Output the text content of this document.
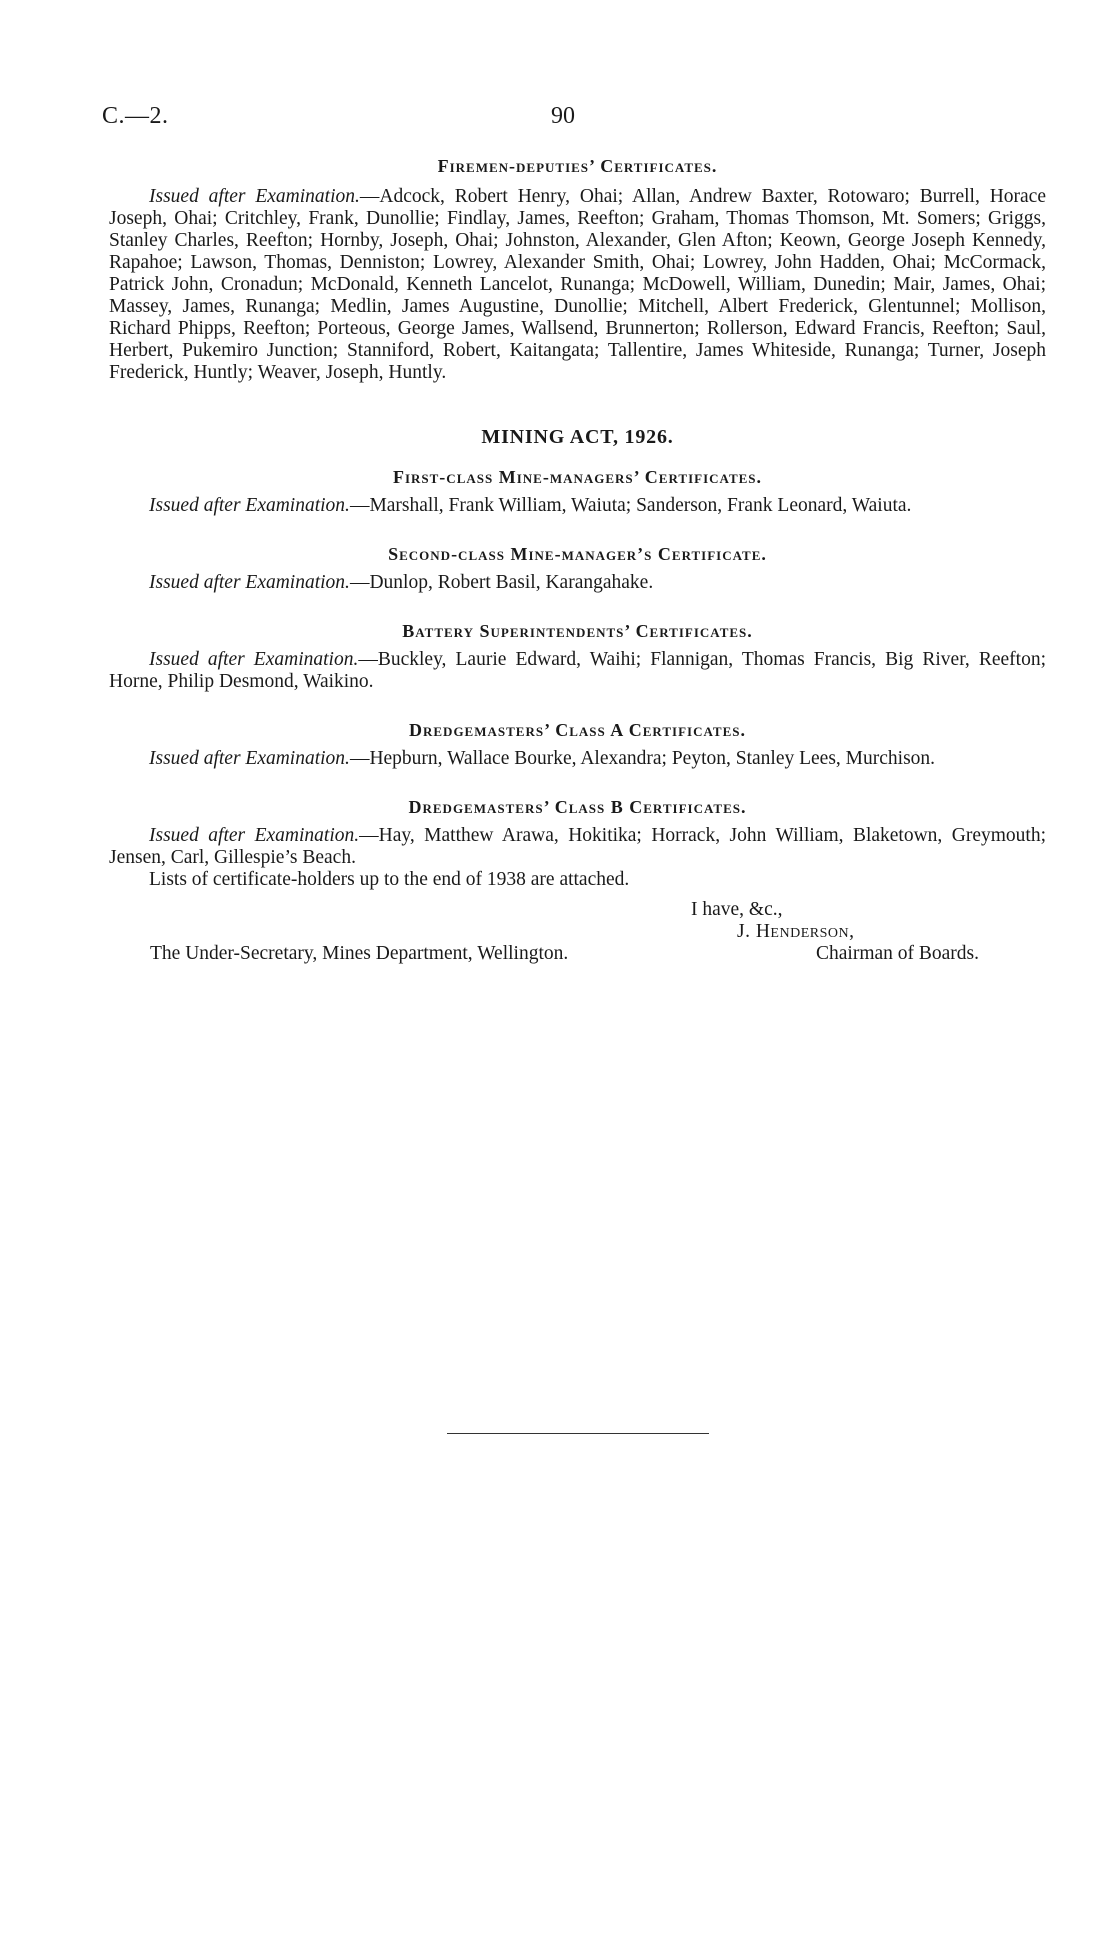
C.—2.	90
Firemen-deputies’ Certificates.

Issued after Examination.—Adcock, Robert Henry, Ohai; Allan, Andrew Baxter, Rotowaro; Burrell, Horace Joseph, Ohai; Critchley, Frank, Dunollie; Findlay, James, Reefton; Graham, Thomas Thomson, Mt. Somers; Griggs, Stanley Charles, Reefton; Hornby, Joseph, Ohai; Johnston, Alexander, Glen Afton; Keown, George Joseph Kennedy, Rapahoe; Lawson, Thomas, Denniston; Lowrey, Alexander Smith, Ohai; Lowrey, John Hadden, Ohai; McCormack, Patrick John, Cronadun; McDonald, Kenneth Lancelot, Runanga; McDowell, William, Dunedin; Mair, James, Ohai; Massey, James, Runanga; Medlin, James Augustine, Dunollie; Mitchell, Albert Frederick, Glentunnel; Mollison, Richard Phipps, Reefton; Porteous, George James, Wallsend, Brunnerton; Rollerson, Edward Francis, Reefton; Saul, Herbert, Pukemiro Junction; Stanniford, Robert, Kaitangata; Tallentire, James Whiteside, Runanga; Turner, Joseph Frederick, Huntly; Weaver, Joseph, Huntly.

MINING ACT, 1926.
First-class Mine-managers’ Certificates.

Issued after Examination.—Marshall, Frank William, Waiuta; Sanderson, Frank Leonard, Waiuta.

Second-class Mine-manager’s Certificate.

Issued after Examination.—Dunlop, Robert Basil, Karangahake.

Battery Superintendents’ Certificates.

Issued after Examination.—Buckley, Laurie Edward, Waihi; Flannigan, Thomas Francis, Big River, Reefton; Horne, Philip Desmond, Waikino.

Dredgemasters’ Class A Certificates.

Issued after Examination.—Hepburn, Wallace Bourke, Alexandra; Peyton, Stanley Lees, Murchison.

Dredgemasters’ Class B Certificates.

Issued after Examination.—Hay, Matthew Arawa, Hokitika; Horrack, John William, Blaketown, Greymouth; Jensen, Carl, Gillespie’s Beach.

Lists of certificate-holders up to the end of 1938 are attached.

I have, &c.,
J. Henderson,
The Under-Secretary, Mines Department, Wellington.	Chairman of Boards.
